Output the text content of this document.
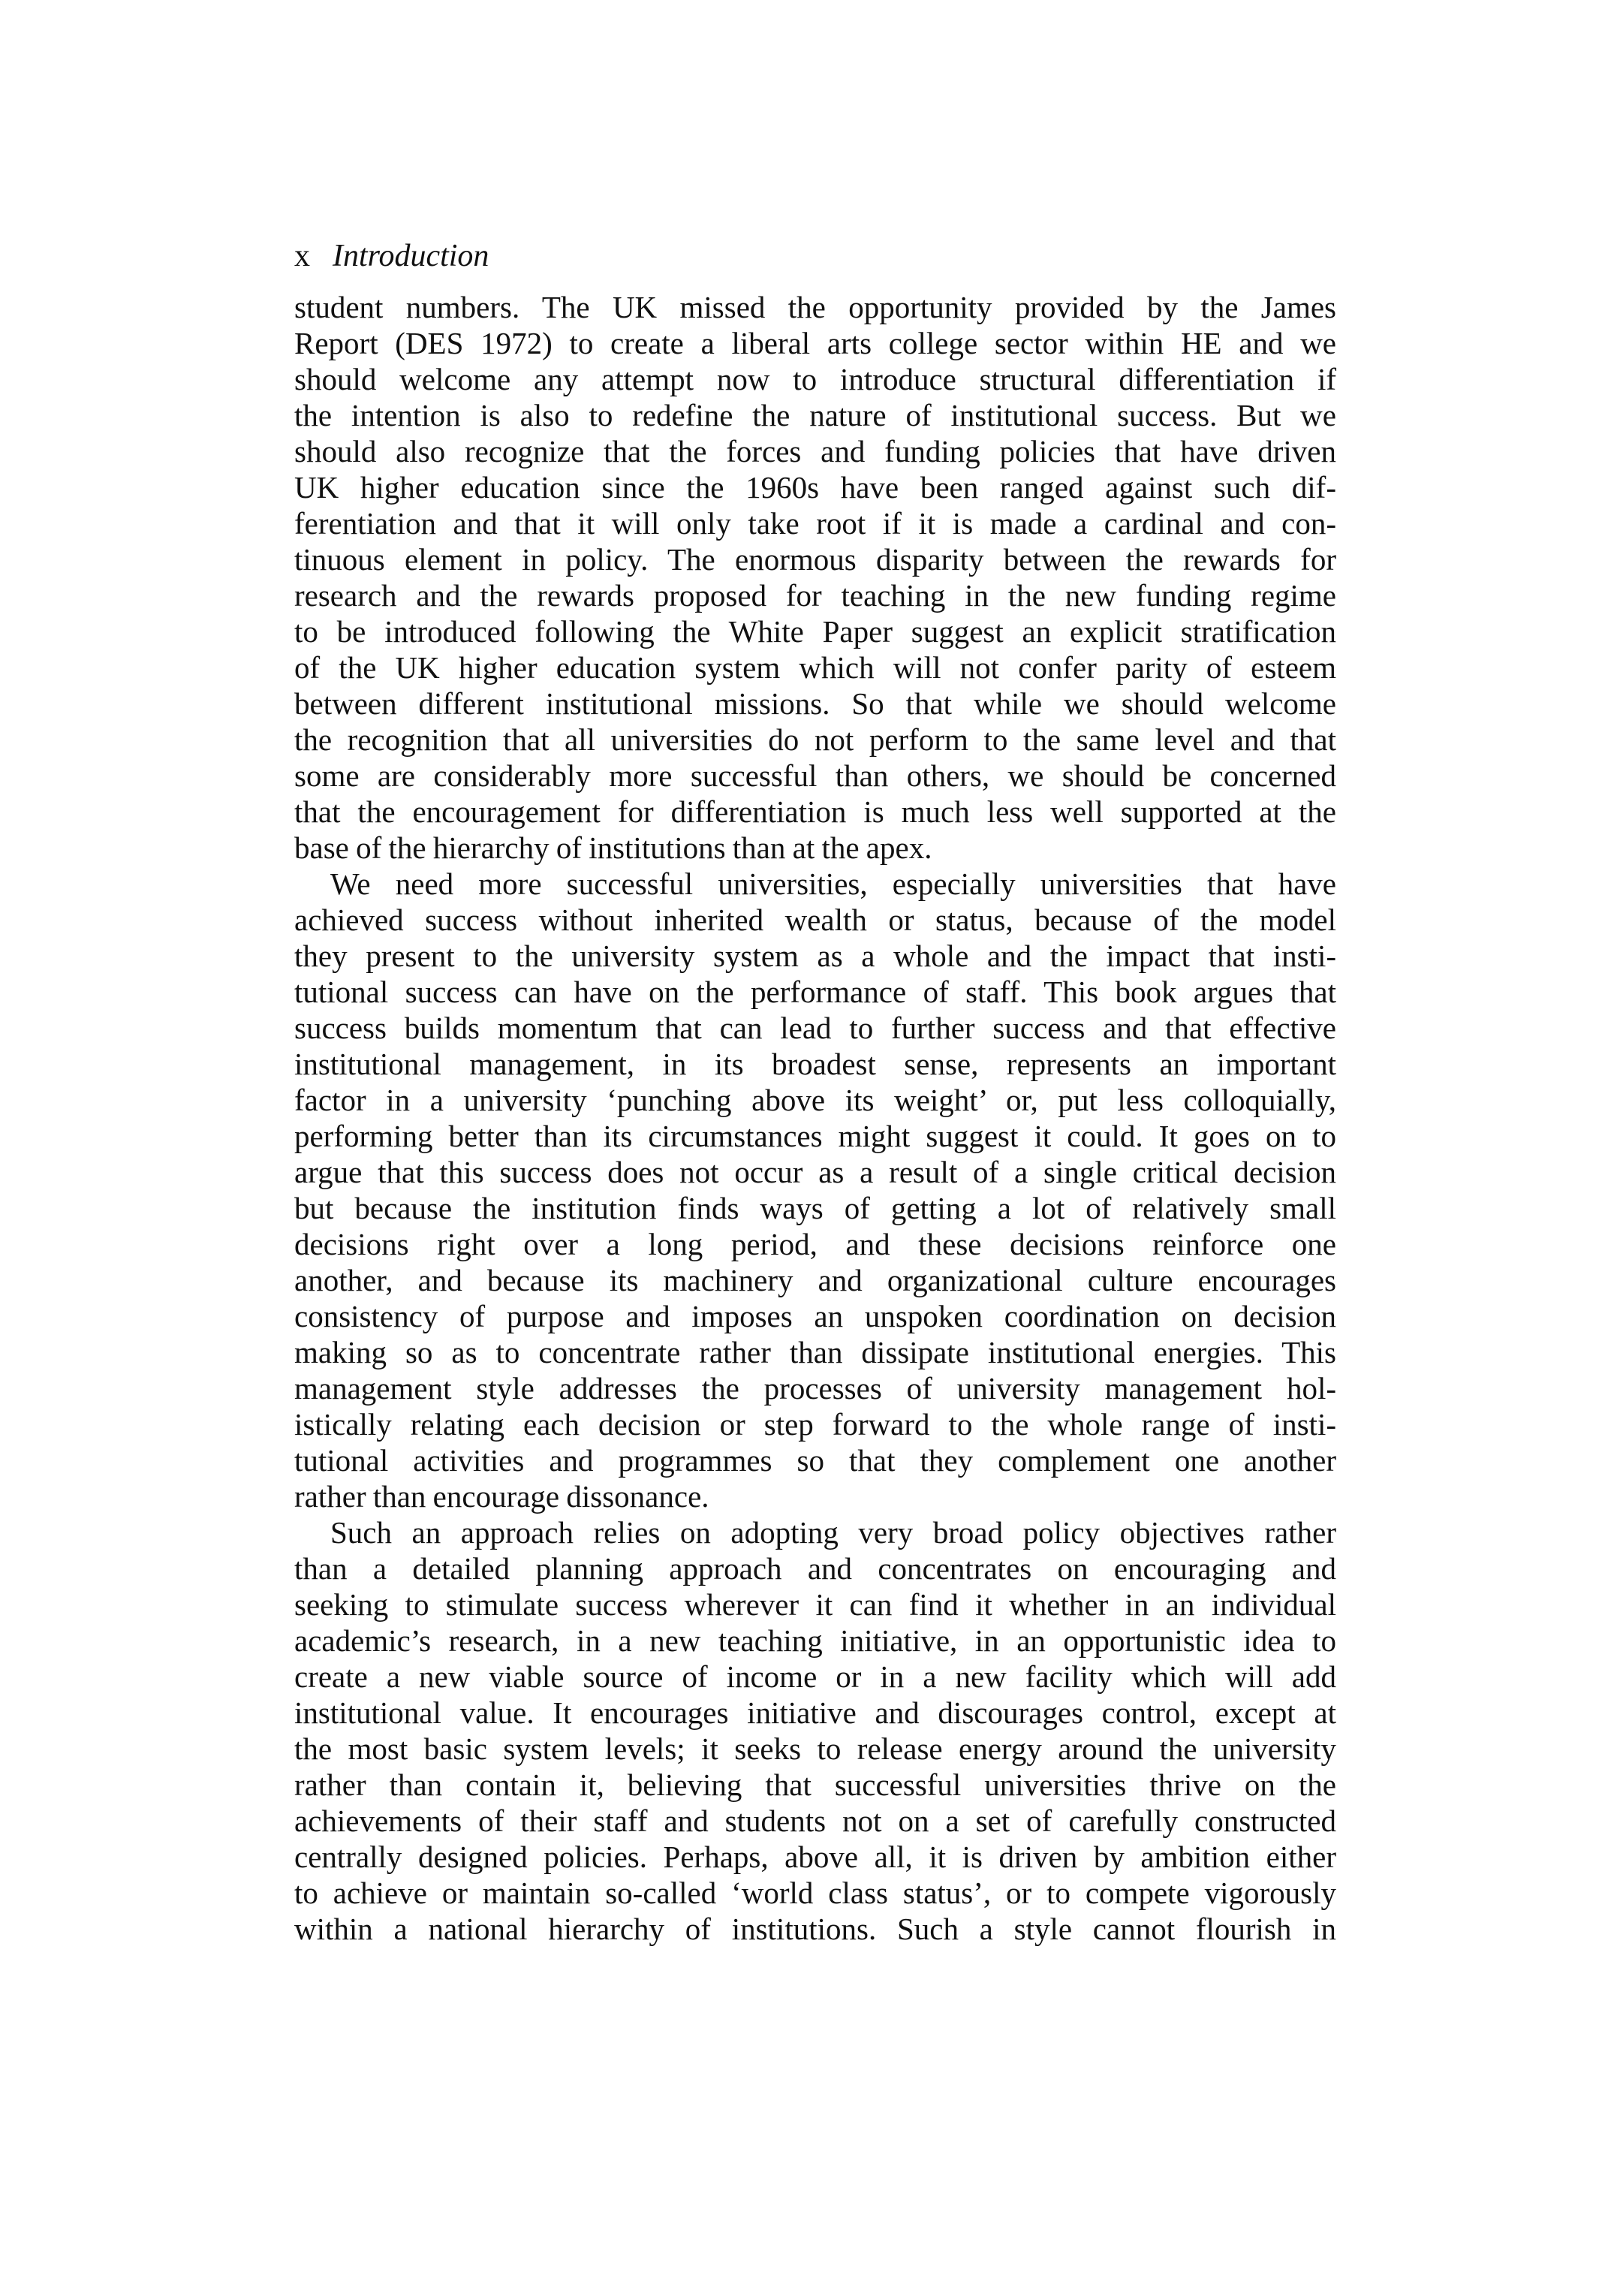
x Introduction

student numbers. The UK missed the opportunity provided by the James
Report (DES 1972) to create a liberal arts college sector within HE and we
should welcome any attempt now to introduce structural differentiation if
the intention is also to redefine the nature of institutional success. But we
should also recognize that the forces and funding policies that have driven
UK higher education since the 1960s have been ranged against such dif-
ferentiation and that it will only take root if it is made a cardinal and con-
tinuous element in policy. The enormous disparity between the rewards for
research and the rewards proposed for teaching in the new funding regime
to be introduced following the White Paper suggest an explicit stratification
of the UK higher education system which will not confer parity of esteem
between different institutional missions. So that while we should welcome
the recognition that all universities do not perform to the same level and that
some are considerably more successful than others, we should be concerned
that the encouragement for differentiation is much less well supported at the
base of the hierarchy of institutions than at the apex.

We need more successful universities, especially universities that have
achieved success without inherited wealth or status, because of the model
they present to the university system as a whole and the impact that insti-
tutional success can have on the performance of staff. This book argues that
success builds momentum that can lead to further success and that effective
institutional management, in its broadest sense, represents an important
factor in a university ‘punching above its weight’ or, put less colloquially,
performing better than its circumstances might suggest it could. It goes on to
argue that this success does not occur as a result of a single critical decision
but because the institution finds ways of getting a lot of relatively small
decisions right over a long period, and these decisions reinforce one
another, and because its machinery and organizational culture encourages
consistency of purpose and imposes an unspoken coordination on decision
making so as to concentrate rather than dissipate institutional energies. This
management style addresses the processes of university management hol-
istically relating each decision or step forward to the whole range of insti-
tutional activities and programmes so that they complement one another
rather than encourage dissonance.

Such an approach relies on adopting very broad policy objectives rather
than a detailed planning approach and concentrates on encouraging and
seeking to stimulate success wherever it can find it whether in an individual
academic’s research, in a new teaching initiative, in an opportunistic idea to
create a new viable source of income or in a new facility which will add
institutional value. It encourages initiative and discourages control, except at
the most basic system levels; it seeks to release energy around the university
rather than contain it, believing that successful universities thrive on the
achievements of their staff and students not on a set of carefully constructed
centrally designed policies. Perhaps, above all, it is driven by ambition either
to achieve or maintain so-called ‘world class status’, or to compete vigorously
within a national hierarchy of institutions. Such a style cannot flourish in
